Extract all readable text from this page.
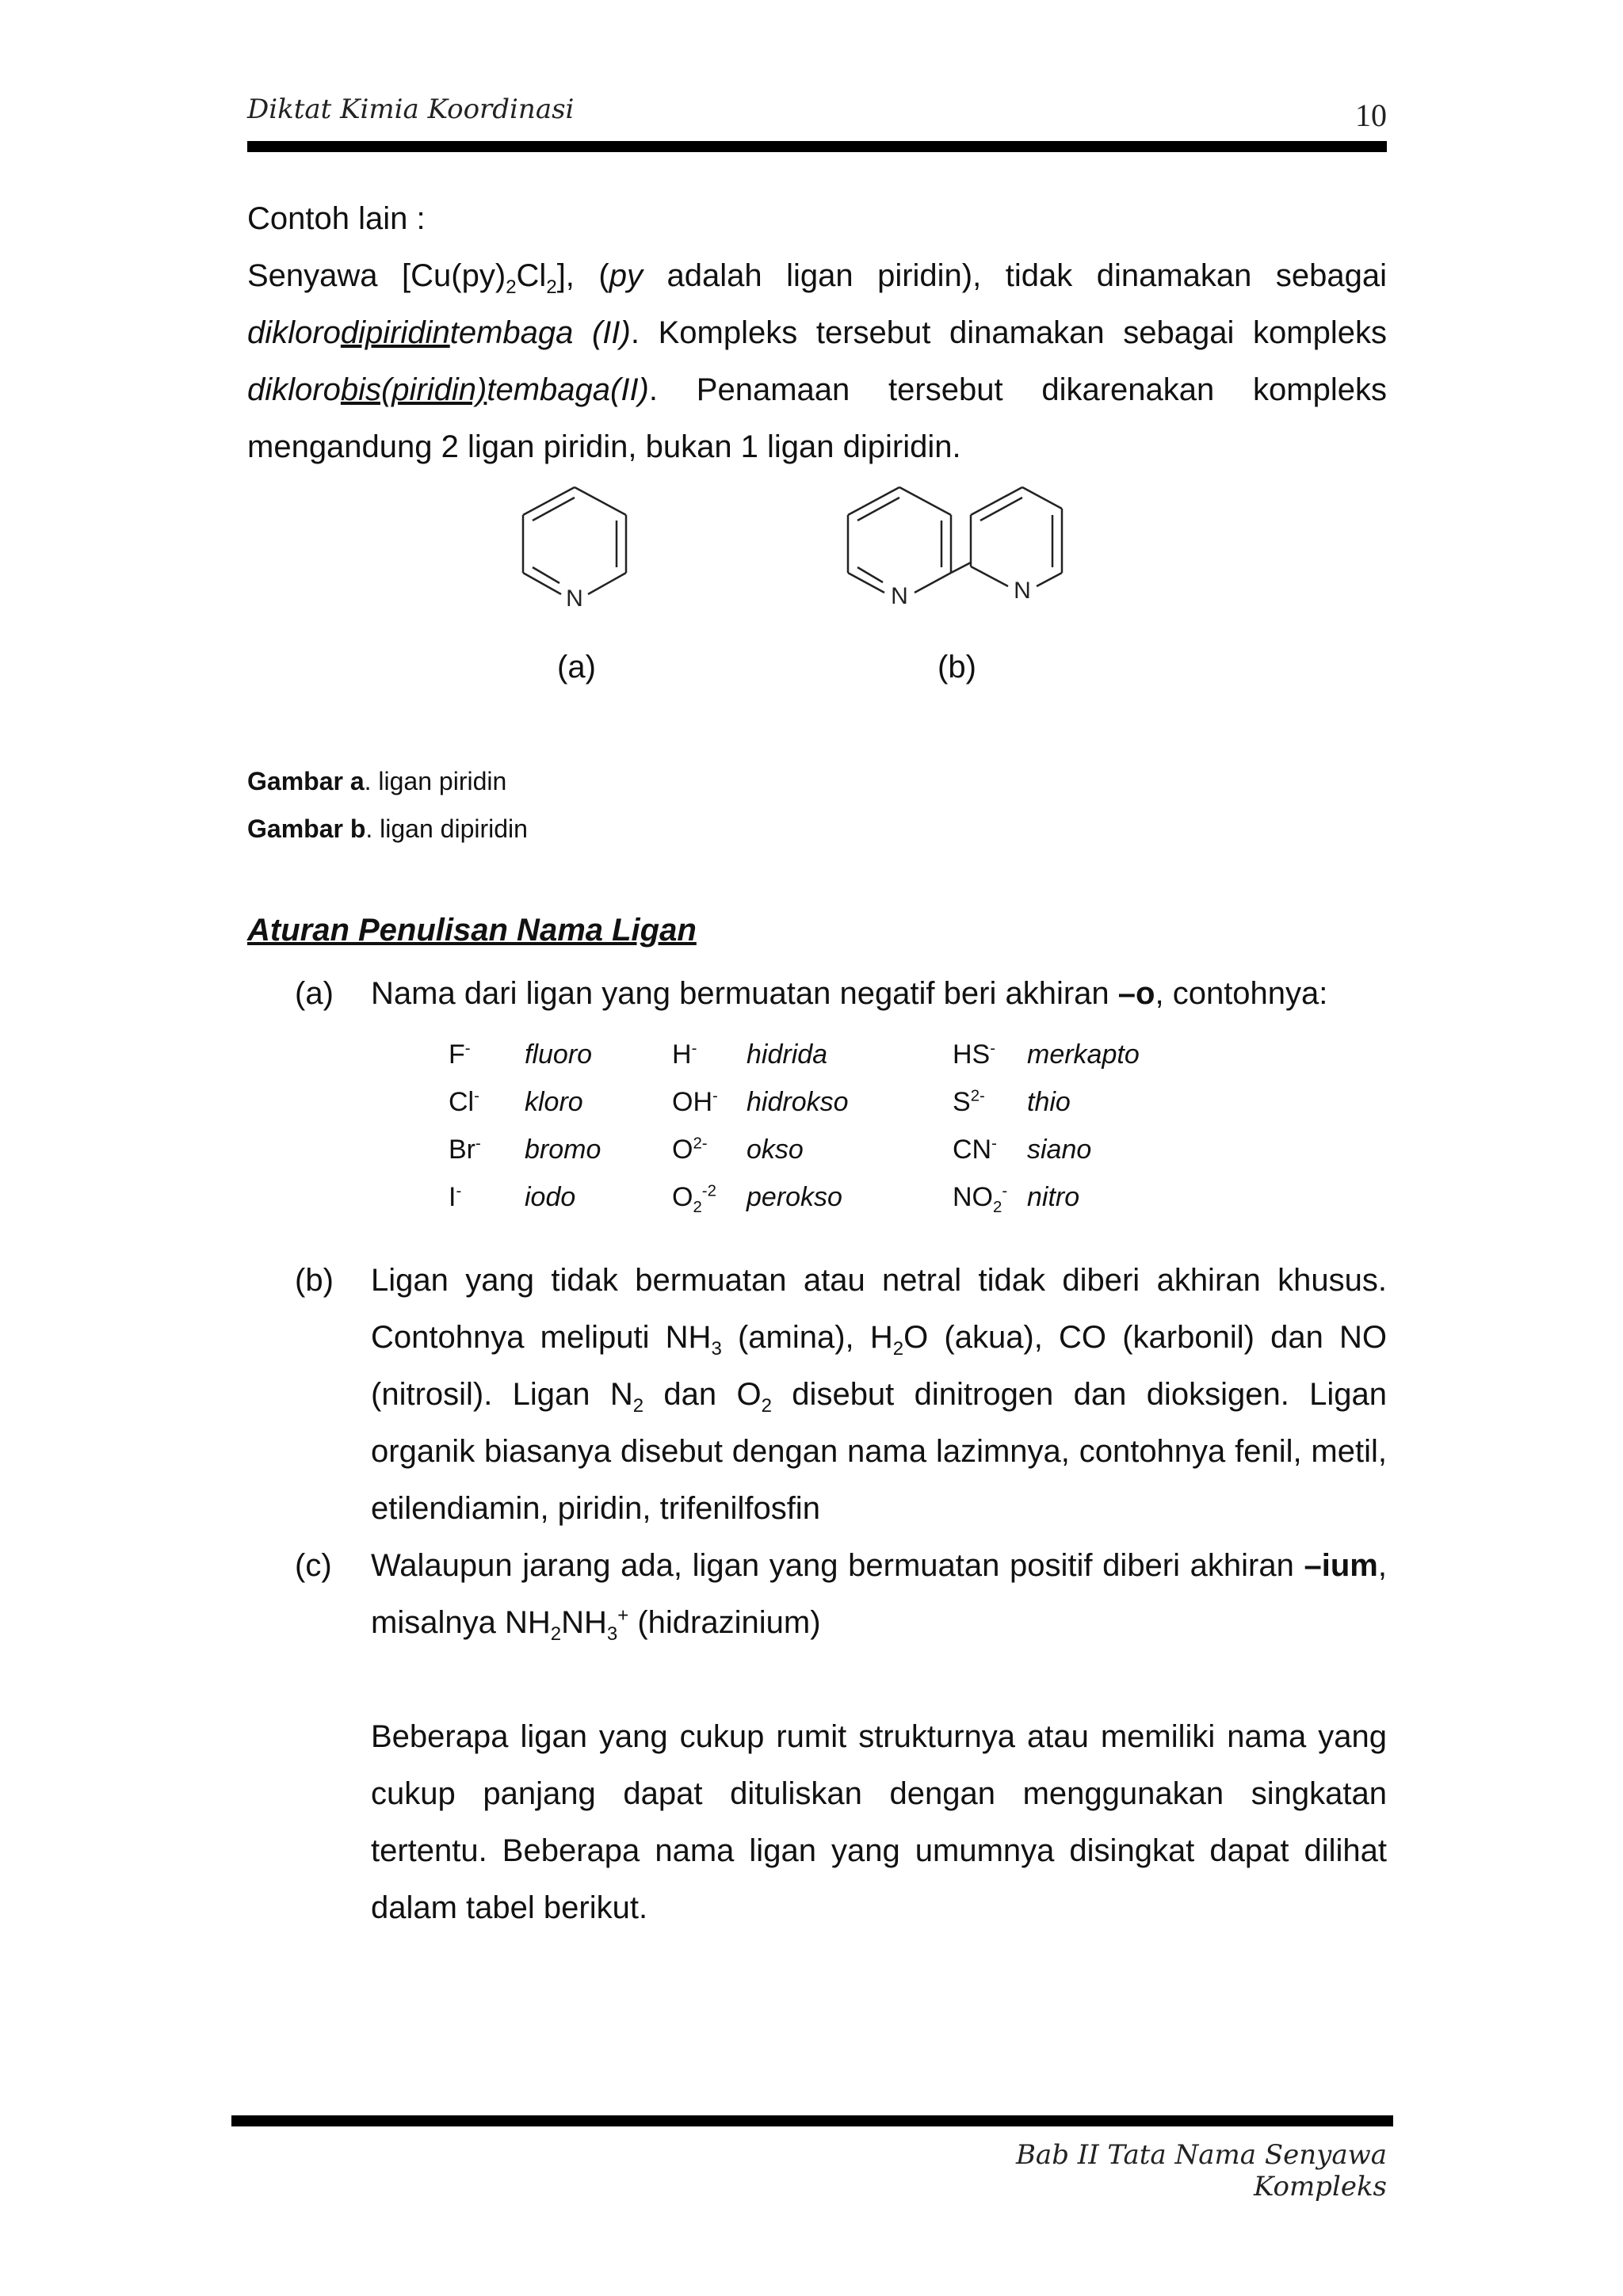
Diktat Kimia Koordinasi	10
Contoh lain :
Senyawa $[Cu(py)_2Cl_2]$, (py adalah ligan piridin), tidak dinamakan sebagai diklorodipiridintembaga (II). Kompleks tersebut dinamakan sebagai kompleks diklorobis(piridin)tembaga(II). Penamaan tersebut dikarenakan kompleks mengandung 2 ligan piridin, bukan 1 ligan dipiridin.
N	N	N
(a)	(b)
Gambar a. ligan piridin
Gambar b. ligan dipiridin
Aturan Penulisan Nama Ligan
(a) Nama dari ligan yang bermuatan negatif beri akhiran –o, contohnya:
F- fluoro	H- hidrida	HS- merkapto
Cl- kloro	OH- hidrokso	$S^{2-}$ thio
Br- bromo	$O^{2-}$ okso	CN- siano
I- iodo	$O_2^{-2}$ perokso	$NO_2^-$ nitro
(b) Ligan yang tidak bermuatan atau netral tidak diberi akhiran khusus. Contohnya meliputi $NH_3$ (amina), $H_2O$ (akua), CO (karbonil) dan NO (nitrosil). Ligan $N_2$ dan $O_2$ disebut dinitrogen dan dioksigen. Ligan organik biasanya disebut dengan nama lazimnya, contohnya fenil, metil, etilendiamin, piridin, trifenilfosfin
(c) Walaupun jarang ada, ligan yang bermuatan positif diberi akhiran –ium, misalnya $NH_2NH_3^+$ (hidrazinium)
Beberapa ligan yang cukup rumit strukturnya atau memiliki nama yang cukup panjang dapat dituliskan dengan menggunakan singkatan tertentu. Beberapa nama ligan yang umumnya disingkat dapat dilihat dalam tabel berikut.
Bab II Tata Nama Senyawa Kompleks
